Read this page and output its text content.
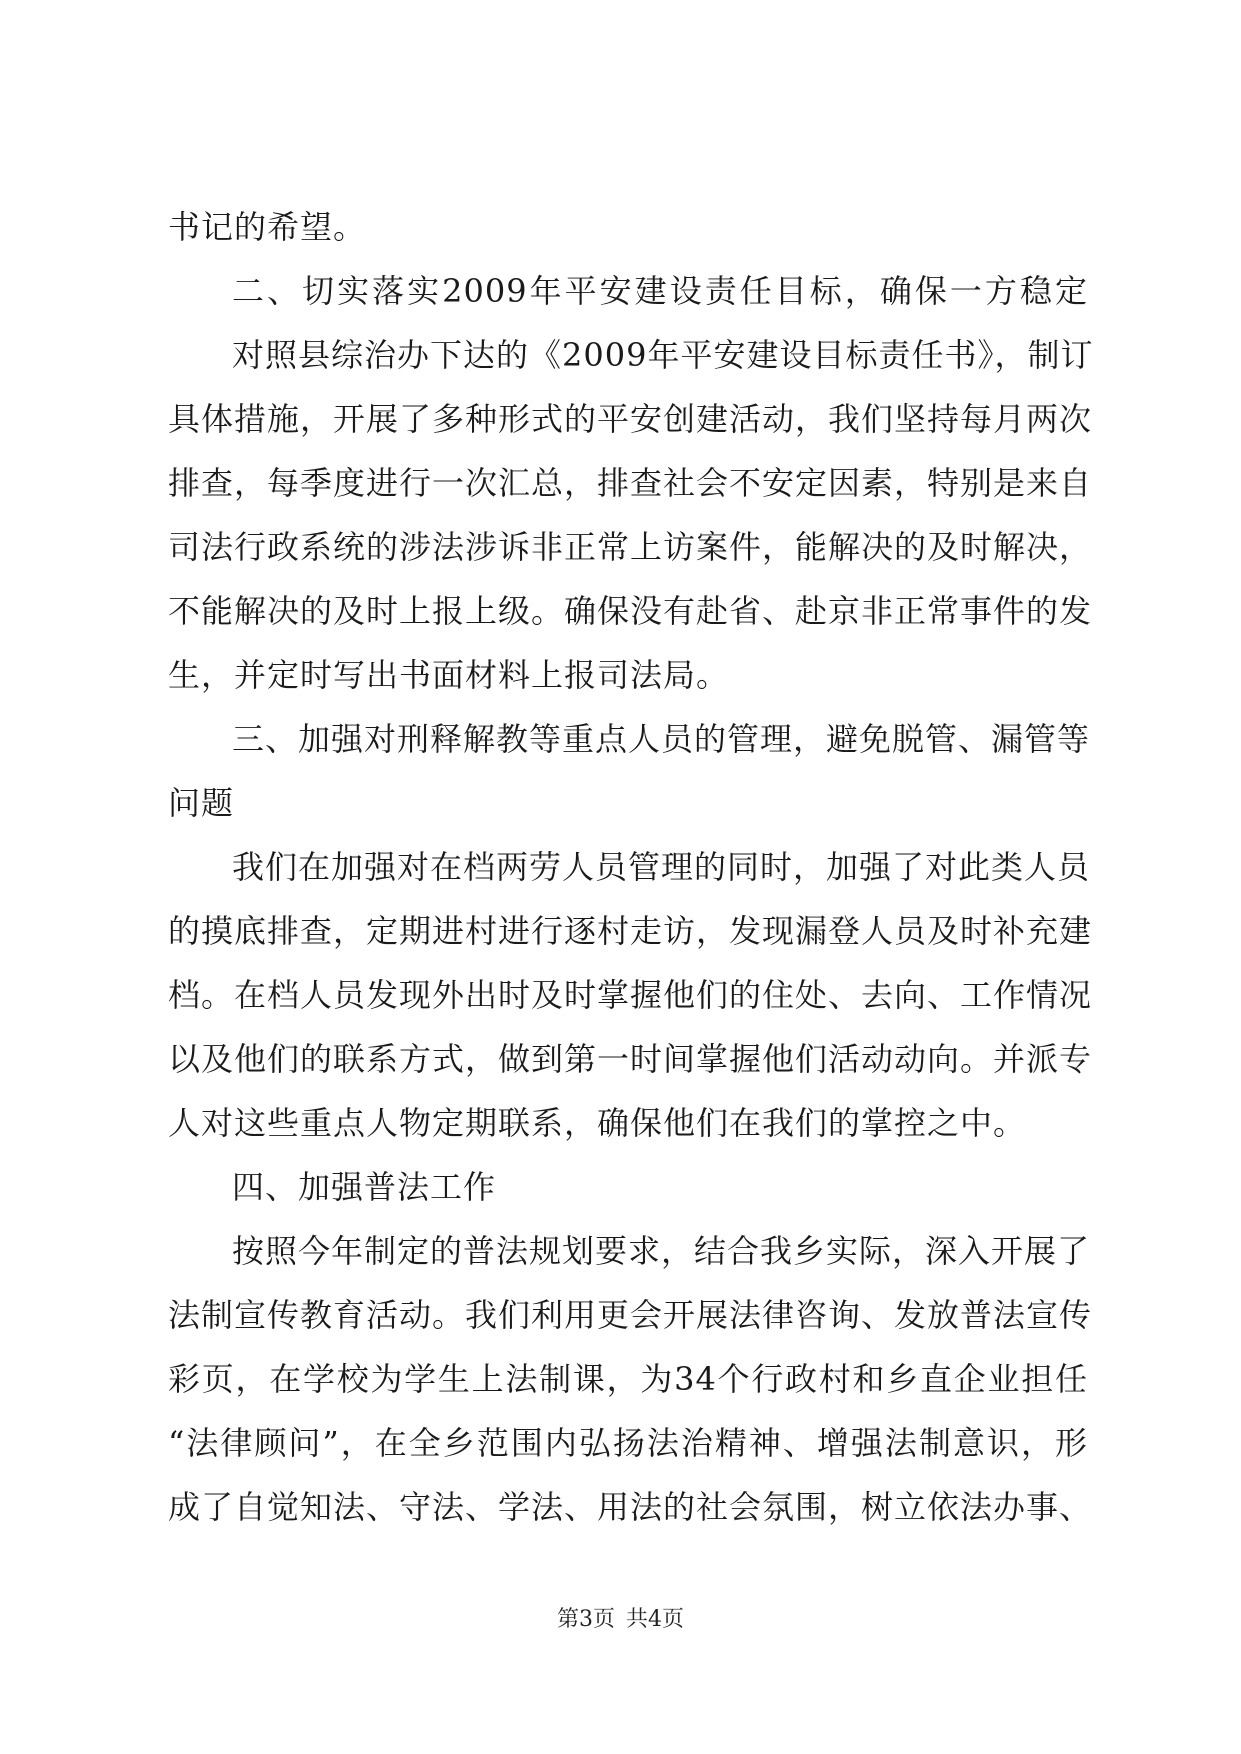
书记的希望。
二、切实落实2009年平安建设责任目标，确保一方稳定
对照县综治办下达的《2009年平安建设目标责任书》，制订
具体措施，开展了多种形式的平安创建活动，我们坚持每月两次
排查，每季度进行一次汇总，排查社会不安定因素，特别是来自
司法行政系统的涉法涉诉非正常上访案件，能解决的及时解决，
不能解决的及时上报上级。确保没有赴省、赴京非正常事件的发
生，并定时写出书面材料上报司法局。
三、加强对刑释解教等重点人员的管理，避免脱管、漏管等
问题
我们在加强对在档两劳人员管理的同时，加强了对此类人员
的摸底排查，定期进村进行逐村走访，发现漏登人员及时补充建
档。在档人员发现外出时及时掌握他们的住处、去向、工作情况
以及他们的联系方式，做到第一时间掌握他们活动动向。并派专
人对这些重点人物定期联系，确保他们在我们的掌控之中。
四、加强普法工作
按照今年制定的普法规划要求，结合我乡实际，深入开展了
法制宣传教育活动。我们利用更会开展法律咨询、发放普法宣传
彩页，在学校为学生上法制课，为34个行政村和乡直企业担任
“法律顾问”，在全乡范围内弘扬法治精神、增强法制意识，形
成了自觉知法、守法、学法、用法的社会氛围，树立依法办事、
第3页 共4页
